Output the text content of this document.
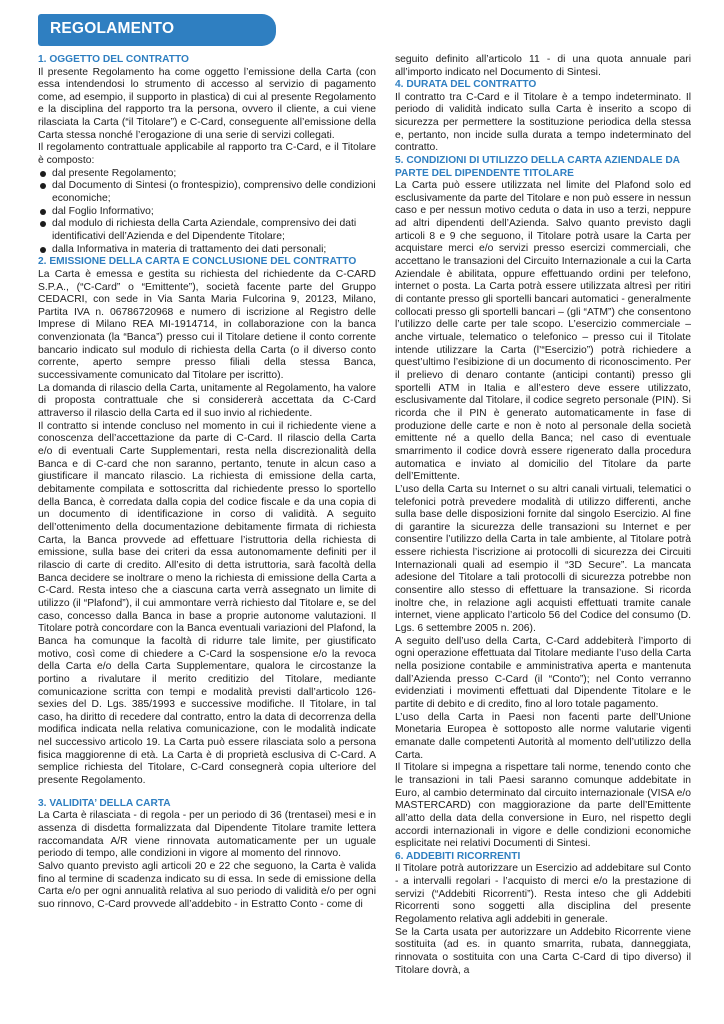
REGOLAMENTO

1. OGGETTO DEL CONTRATTO

Il presente Regolamento ha come oggetto l’emissione della Carta (con essa intendendosi lo strumento di accesso al servizio di pagamento come, ad esempio, il supporto in plastica) di cui al presente Regolamento e la disciplina del rapporto tra la persona, ovvero il cliente, a cui viene rilasciata la Carta (“il Titolare”) e C-Card, conseguente all’emissione della Carta stessa nonché l’erogazione di una serie di servizi collegati.

Il regolamento contrattuale applicabile al rapporto tra C-Card, e il Titolare è composto:

dal presente Regolamento;
dal Documento di Sintesi (o frontespizio), comprensivo delle condizioni economiche;
dal Foglio Informativo;
dal modulo di richiesta della Carta Aziendale, comprensivo dei dati identificativi dell’Azienda e del Dipendente Titolare;
dalla Informativa in materia di trattamento dei dati personali;

2. EMISSIONE DELLA CARTA E CONCLUSIONE DEL CONTRATTO

La Carta è emessa e gestita su richiesta del richiedente da C-CARD S.P.A., (“C-Card” o “Emittente”), società facente parte del Gruppo CEDACRI, con sede in Via Santa Maria Fulcorina 9, 20123, Milano, Partita IVA n. 06786720968 e numero di iscrizione al Registro delle Imprese di Milano REA MI-1914714, in collaborazione con la banca convenzionata (la “Banca”) presso cui il Titolare detiene il conto corrente bancario indicato sul modulo di richiesta della Carta (o il diverso conto corrente, aperto sempre presso filiali della stessa Banca, successivamente comunicato dal Titolare per iscritto).

La domanda di rilascio della Carta, unitamente al Regolamento, ha valore di proposta contrattuale che si considererà accettata da C-Card attraverso il rilascio della Carta ed il suo invio al richiedente.

Il contratto si intende concluso nel momento in cui il richiedente viene a conoscenza dell’accettazione da parte di C-Card. Il rilascio della Carta e/o di eventuali Carte Supplementari, resta nella discrezionalità della Banca e di C-card che non saranno, pertanto, tenute in alcun caso a giustificare il mancato rilascio. La richiesta di emissione della carta, debitamente compilata e sottoscritta dal richiedente presso lo sportello della Banca, è corredata dalla copia del codice fiscale e da una copia di un documento di identificazione in corso di validità. A seguito dell’ottenimento della documentazione debitamente firmata di richiesta Carta, la Banca provvede ad effettuare l’istruttoria della richiesta di emissione, sulla base dei criteri da essa autonomamente definiti per il rilascio di carte di credito. All’esito di detta istruttoria, sarà facoltà della Banca decidere se inoltrare o meno la richiesta di emissione della Carta a C-Card. Resta inteso che a ciascuna carta verrà assegnato un limite di utilizzo (il “Plafond”), il cui ammontare verrà richiesto dal Titolare e, se del caso, concesso dalla Banca in base a proprie autonome valutazioni. Il Titolare potrà concordare con la Banca eventuali variazioni del Plafond, la Banca ha comunque la facoltà di ridurre tale limite, per giustificato motivo, così come di chiedere a C-Card la sospensione e/o la revoca della Carta e/o della Carta Supplementare, qualora le circostanze la portino a rivalutare il merito creditizio del Titolare, mediante comunicazione scritta con tempi e modalità previsti dall’articolo 126-sexies del D. Lgs. 385/1993 e successive modifiche. Il Titolare, in tal caso, ha diritto di recedere dal contratto, entro la data di decorrenza della modifica indicata nella relativa comunicazione, con le modalità indicate nel successivo articolo 19. La Carta può essere rilasciata solo a persona fisica maggiorenne di età. La Carta è di proprietà esclusiva di C-Card. A semplice richiesta del Titolare, C-Card consegnerà copia ulteriore del presente Regolamento.

3. VALIDITA’ DELLA CARTA

La Carta è rilasciata - di regola - per un periodo di 36 (trentasei) mesi e in assenza di disdetta formalizzata dal Dipendente Titolare tramite lettera raccomandata A/R viene rinnovata automaticamente per un uguale periodo di tempo, alle condizioni in vigore al momento del rinnovo.

Salvo quanto previsto agli articoli 20 e 22 che seguono, la Carta è valida fino al termine di scadenza indicato su di essa. In sede di emissione della Carta e/o per ogni annualità relativa al suo periodo di validità e/o per ogni suo rinnovo, C-Card provvede all’addebito - in Estratto Conto - come di

seguito definito all’articolo 11 - di una quota annuale pari all’importo indicato nel Documento di Sintesi.

4. DURATA DEL CONTRATTO

Il contratto tra C-Card e il Titolare è a tempo indeterminato. Il periodo di validità indicato sulla Carta è inserito a scopo di sicurezza per permettere la sostituzione periodica della stessa e, pertanto, non incide sulla durata a tempo indeterminato del contratto.

5. CONDIZIONI DI UTILIZZO DELLA CARTA AZIENDALE DA PARTE DEL DIPENDENTE TITOLARE

La Carta può essere utilizzata nel limite del Plafond solo ed esclusivamente da parte del Titolare e non può essere in nessun caso e per nessun motivo ceduta o data in uso a terzi, neppure ad altri dipendenti dell’Azienda. Salvo quanto previsto dagli articoli 8 e 9 che seguono, il Titolare potrà usare la Carta per acquistare merci e/o servizi presso esercizi commerciali, che accettano le transazioni del Circuito Internazionale a cui la Carta Aziendale è abilitata, oppure effettuando ordini per telefono, internet o posta. La Carta potrà essere utilizzata altresì per ritiri di contante presso gli sportelli bancari automatici - generalmente collocati presso gli sportelli bancari – (gli “ATM”) che consentono l’utilizzo delle carte per tale scopo. L’esercizio commerciale – anche virtuale, telematico o telefonico – presso cui il Titolate intende utilizzare la Carta (l’“Esercizio”) potrà richiedere a quest’ultimo l’esibizione di un documento di riconoscimento. Per il prelievo di denaro contante (anticipi contanti) presso gli sportelli ATM in Italia e all’estero deve essere utilizzato, esclusivamente dal Titolare, il codice segreto personale (PIN). Si ricorda che il PIN è generato automaticamente in fase di produzione delle carte e non è noto al personale della società emittente né a quello della Banca; nel caso di eventuale smarrimento il codice dovrà essere rigenerato dalla procedura automatica e inviato al domicilio del Titolare da parte dell’Emittente.

L’uso della Carta su Internet o su altri canali virtuali, telematici o telefonici potrà prevedere modalità di utilizzo differenti, anche sulla base delle disposizioni fornite dal singolo Esercizio. Al fine di garantire la sicurezza delle transazioni su Internet e per consentire l’utilizzo della Carta in tale ambiente, al Titolare potrà essere richiesta l’iscrizione ai protocolli di sicurezza dei Circuiti Internazionali quali ad esempio il “3D Secure”. La mancata adesione del Titolare a tali protocolli di sicurezza potrebbe non consentire allo stesso di effettuare la transazione. Si ricorda inoltre che, in relazione agli acquisti effettuati tramite canale internet, viene applicato l’articolo 56 del Codice del consumo (D. Lgs. 6 settembre 2005 n. 206).

A seguito dell’uso della Carta, C-Card addebiterà l’importo di ogni operazione effettuata dal Titolare mediante l’uso della Carta nella posizione contabile e amministrativa aperta e mantenuta dall’Azienda presso C-Card (il “Conto”); nel Conto verranno evidenziati i movimenti effettuati dal Dipendente Titolare e le partite di debito e di credito, fino al loro totale pagamento.

L’uso della Carta in Paesi non facenti parte dell’Unione Monetaria Europea è sottoposto alle norme valutarie vigenti emanate dalle competenti Autorità al momento dell’utilizzo della Carta.

Il Titolare si impegna a rispettare tali norme, tenendo conto che le transazioni in tali Paesi saranno comunque addebitate in Euro, al cambio determinato dal circuito internazionale (VISA e/o MASTERCARD) con maggiorazione da parte dell’Emittente all’atto della data della conversione in Euro, nel rispetto degli accordi internazionali in vigore e delle condizioni economiche esplicitate nei relativi Documenti di Sintesi.

6. ADDEBITI RICORRENTI

Il Titolare potrà autorizzare un Esercizio ad addebitare sul Conto - a intervalli regolari - l’acquisto di merci e/o la prestazione di servizi (“Addebiti Ricorrenti”). Resta inteso che gli Addebiti Ricorrenti sono soggetti alla disciplina del presente Regolamento relativa agli addebiti in generale.

Se la Carta usata per autorizzare un Addebito Ricorrente viene sostituita (ad es. in quanto smarrita, rubata, danneggiata, rinnovata o sostituita con una Carta C-Card di tipo diverso) il Titolare dovrà, a
